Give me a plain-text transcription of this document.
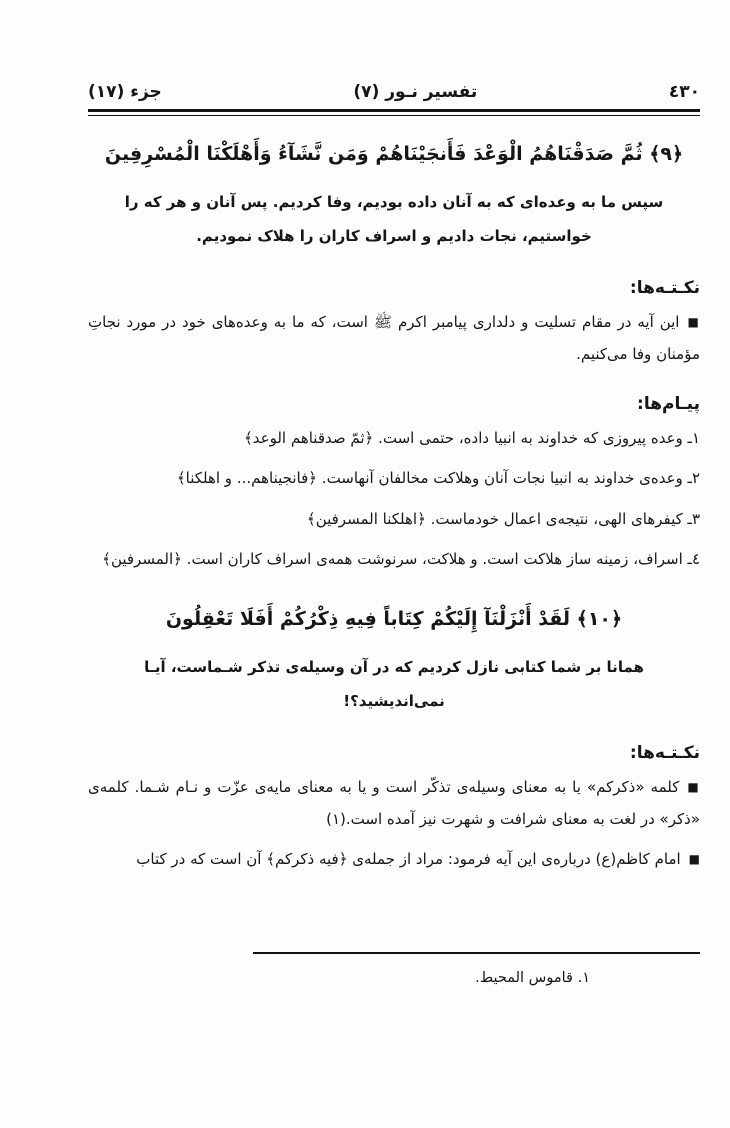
٤٣٠
تفسیر نـور (۷)
جزء (۱۷)
﴿٩﴾ ثُمَّ صَدَقْنَاهُمُ الْوَعْدَ فَأَنجَيْنَاهُمْ وَمَن نَّشَآءُ وَأَهْلَكْنَا الْمُسْرِفِينَ
سپس ما به وعده‌ای که به آنان داده بودیم، وفا کردیم. پس آنان و هر که را خواستیم، نجات دادیم و اسراف کاران را هلاک نمودیم.
نکـتـه‌ها:
■این آیه در مقام تسلیت و دلداری پیامبر اکرم ﷺ است، که ما به وعده‌های خود در مورد نجاتِ مؤمنان وفا می‌کنیم.
پیـام‌ها:
۱ـ وعده پیروزی که خداوند به انبیا داده، حتمی است. ﴿ثمّ صدقناهم الوعد﴾
۲ـ وعده‌ی خداوند به انبیا نجات آنان وهلاکت مخالفان آنهاست. ﴿فانجیناهم... و اهلکنا﴾
۳ـ کیفرهای الهی، نتیجه‌ی اعمال خودماست. ﴿اهلکنا المسرفین﴾
٤ـ اسراف، زمینه ساز هلاکت است. و هلاکت، سرنوشت همه‌ی اسراف کاران است. ﴿المسرفین﴾
﴿١٠﴾ لَقَدْ أَنْزَلْنَآ إِلَيْكُمْ كِتَاباً فِيهِ ذِكْرُكُمْ أَفَلَا تَعْقِلُونَ
همانا بر شما کتابی نازل کردیم که در آن وسیله‌ی تذکر شـماست، آیـا نمی‌اندیشید؟!
نکـتـه‌ها:
■کلمه «ذکرکم» یا به معنای وسیله‌ی تذکّر است و یا به معنای مایه‌ی عزّت و نـام شـما. کلمه‌ی «ذکر» در لغت به معنای شرافت و شهرت نیز آمده است.(۱)
■امام کاظم(ع) درباره‌ی این آیه فرمود: مراد از جمله‌ی ﴿فیه ذکرکم﴾ آن است که در کتاب
۱. قاموس المحیط.
